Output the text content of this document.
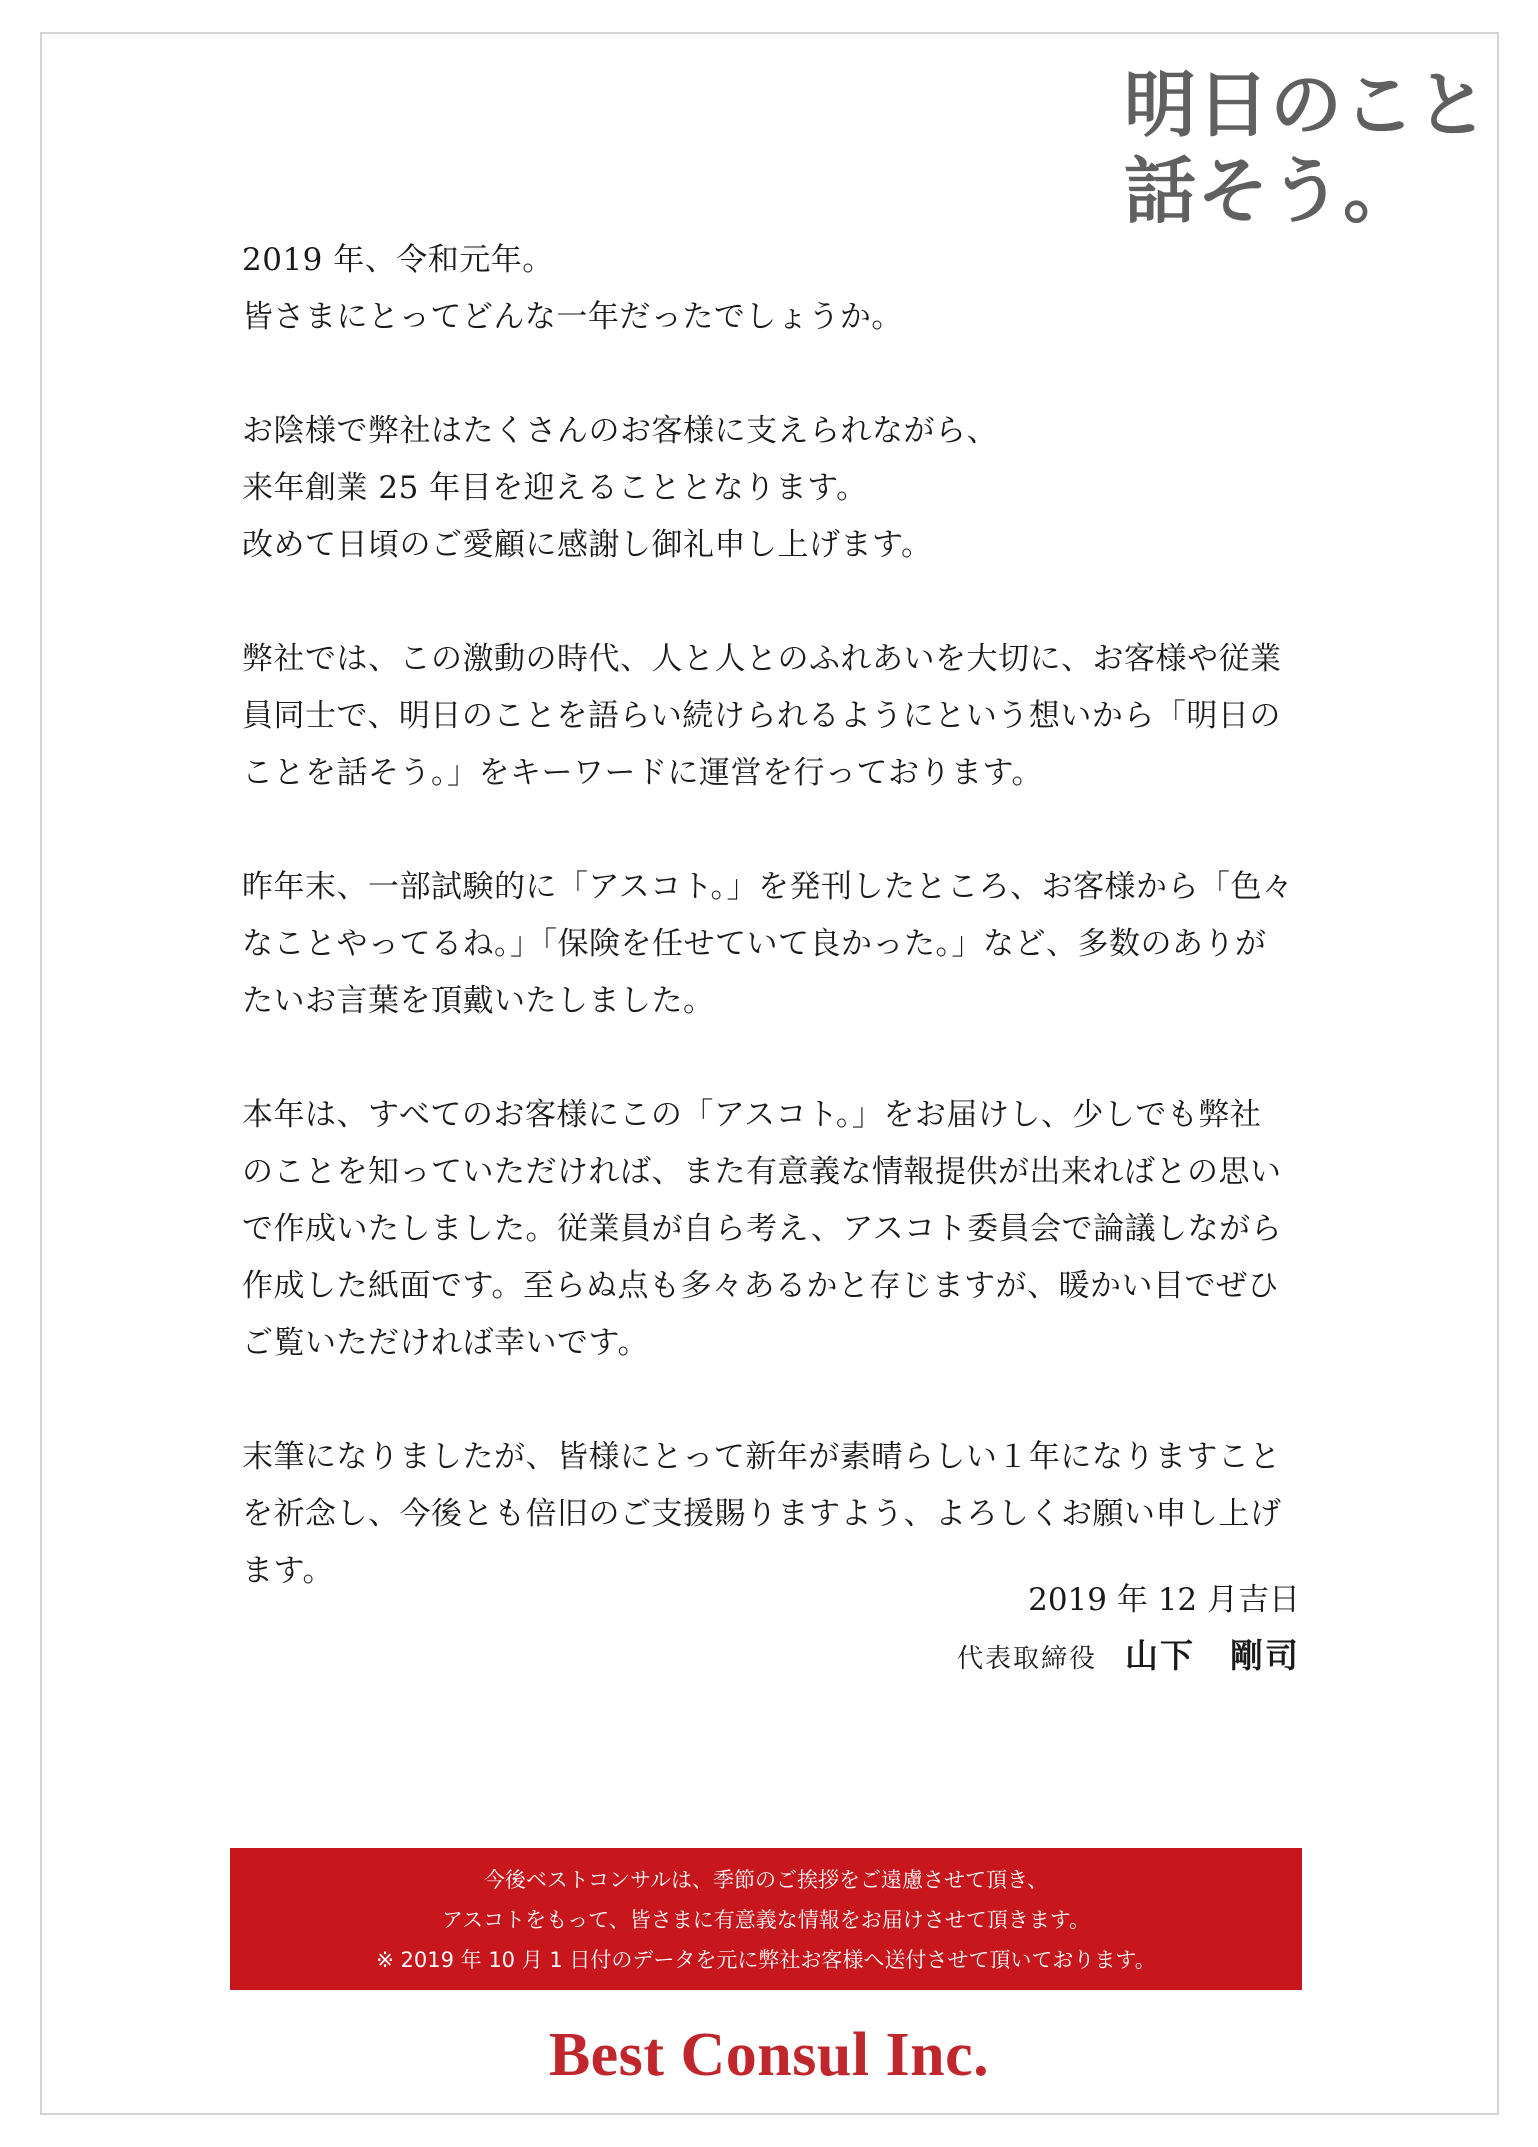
明日のこと
話そう。
2019 年、令和元年。
皆さまにとってどんな一年だったでしょうか。
お陰様で弊社はたくさんのお客様に支えられながら、
来年創業 25 年目を迎えることとなります。
改めて日頃のご愛顧に感謝し御礼申し上げます。
弊社では、この激動の時代、人と人とのふれあいを大切に、お客様や従業
員同士で、明日のことを語らい続けられるようにという想いから「明日の
ことを話そう。」をキーワードに運営を行っております。
昨年末、一部試験的に「アスコト。」を発刊したところ、お客様から「色々
なことやってるね。」「保険を任せていて良かった。」など、多数のありが
たいお言葉を頂戴いたしました。
本年は、すべてのお客様にこの「アスコト。」をお届けし、少しでも弊社
のことを知っていただければ、また有意義な情報提供が出来ればとの思い
で作成いたしました。従業員が自ら考え、アスコト委員会で論議しながら
作成した紙面です。至らぬ点も多々あるかと存じますが、暖かい目でぜひ
ご覧いただければ幸いです。
末筆になりましたが、皆様にとって新年が素晴らしい１年になりますこと
を祈念し、今後とも倍旧のご支援賜りますよう、よろしくお願い申し上げ
ます。
2019 年 12 月吉日
代表取締役 山下　剛司
今後ベストコンサルは、季節のご挨拶をご遠慮させて頂き、
アスコトをもって、皆さまに有意義な情報をお届けさせて頂きます。
※ 2019 年 10 月 1 日付のデータを元に弊社お客様へ送付させて頂いております。
Best Consul Inc.
